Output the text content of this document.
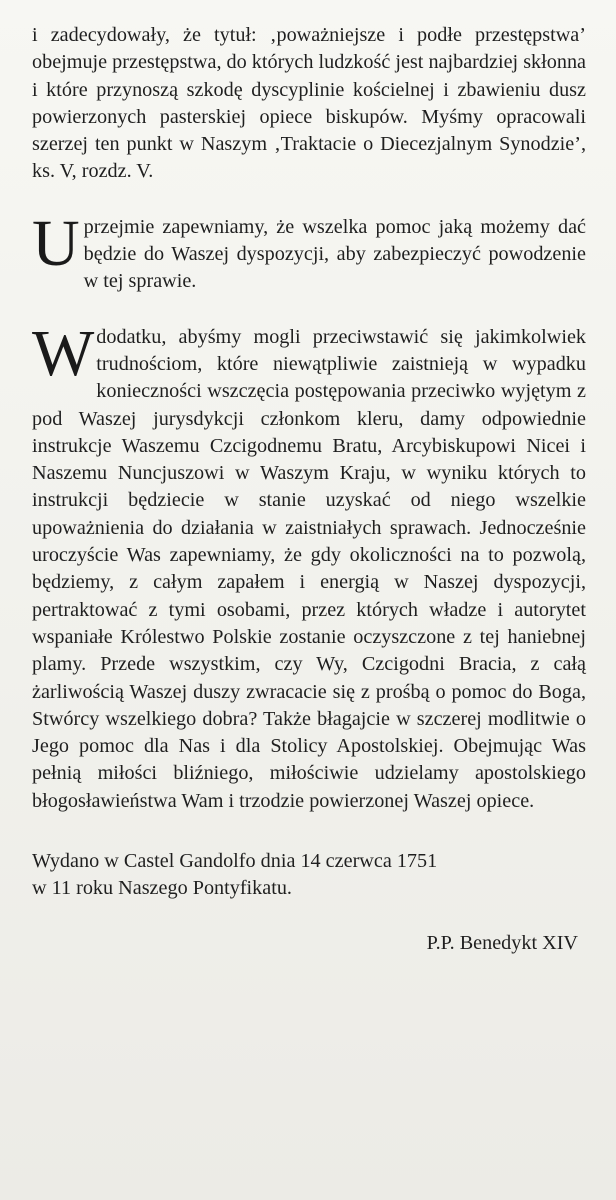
i zadecydowały, że tytuł: ‚poważniejsze i podłe przestępstwa’ obejmuje przestępstwa, do których ludzkość jest najbardziej skłonna i które przynoszą szkodę dyscyplinie kościelnej i zbawieniu dusz powierzonych pasterskiej opiece biskupów. Myśmy opracowali szerzej ten punkt w Naszym ‚Traktacie o Diecezjalnym Synodzie’, ks. V, rozdz. V.

Uprzejmie zapewniamy, że wszelka pomoc jaką możemy dać będzie do Waszej dyspozycji, aby zabezpieczyć powodzenie w tej sprawie.

Wdodatku, abyśmy mogli przeciwstawić się jakimkolwiek trudnościom, które niewątpliwie zaistnieją w wypadku konieczności wszczęcia postępowania przeciwko wyjętym z pod Waszej jurysdykcji członkom kleru, damy odpowiednie instrukcje Waszemu Czcigodnemu Bratu, Arcybiskupowi Nicei i Naszemu Nuncjuszowi w Waszym Kraju, w wyniku których to instrukcji będziecie w stanie uzyskać od niego wszelkie upoważnienia do działania w zaistniałych sprawach. Jednocześnie uroczyście Was zapewniamy, że gdy okoliczności na to pozwolą, będziemy, z całym zapałem i energią w Naszej dyspozycji, pertraktować z tymi osobami, przez których władze i autorytet wspaniałe Królestwo Polskie zostanie oczyszczone z tej haniebnej plamy. Przede wszystkim, czy Wy, Czcigodni Bracia, z całą żarliwością Waszej duszy zwracacie się z prośbą o pomoc do Boga, Stwórcy wszelkiego dobra? Także błagajcie w szczerej modlitwie o Jego pomoc dla Nas i dla Stolicy Apostolskiej. Obejmując Was pełnią miłości bliźniego, miłościwie udzielamy apostolskiego błogosławieństwa Wam i trzodzie powierzonej Waszej opiece.

Wydano w Castel Gandolfo dnia 14 czerwca 1751
w 11 roku Naszego Pontyfikatu.
P.P. Benedykt XIV
